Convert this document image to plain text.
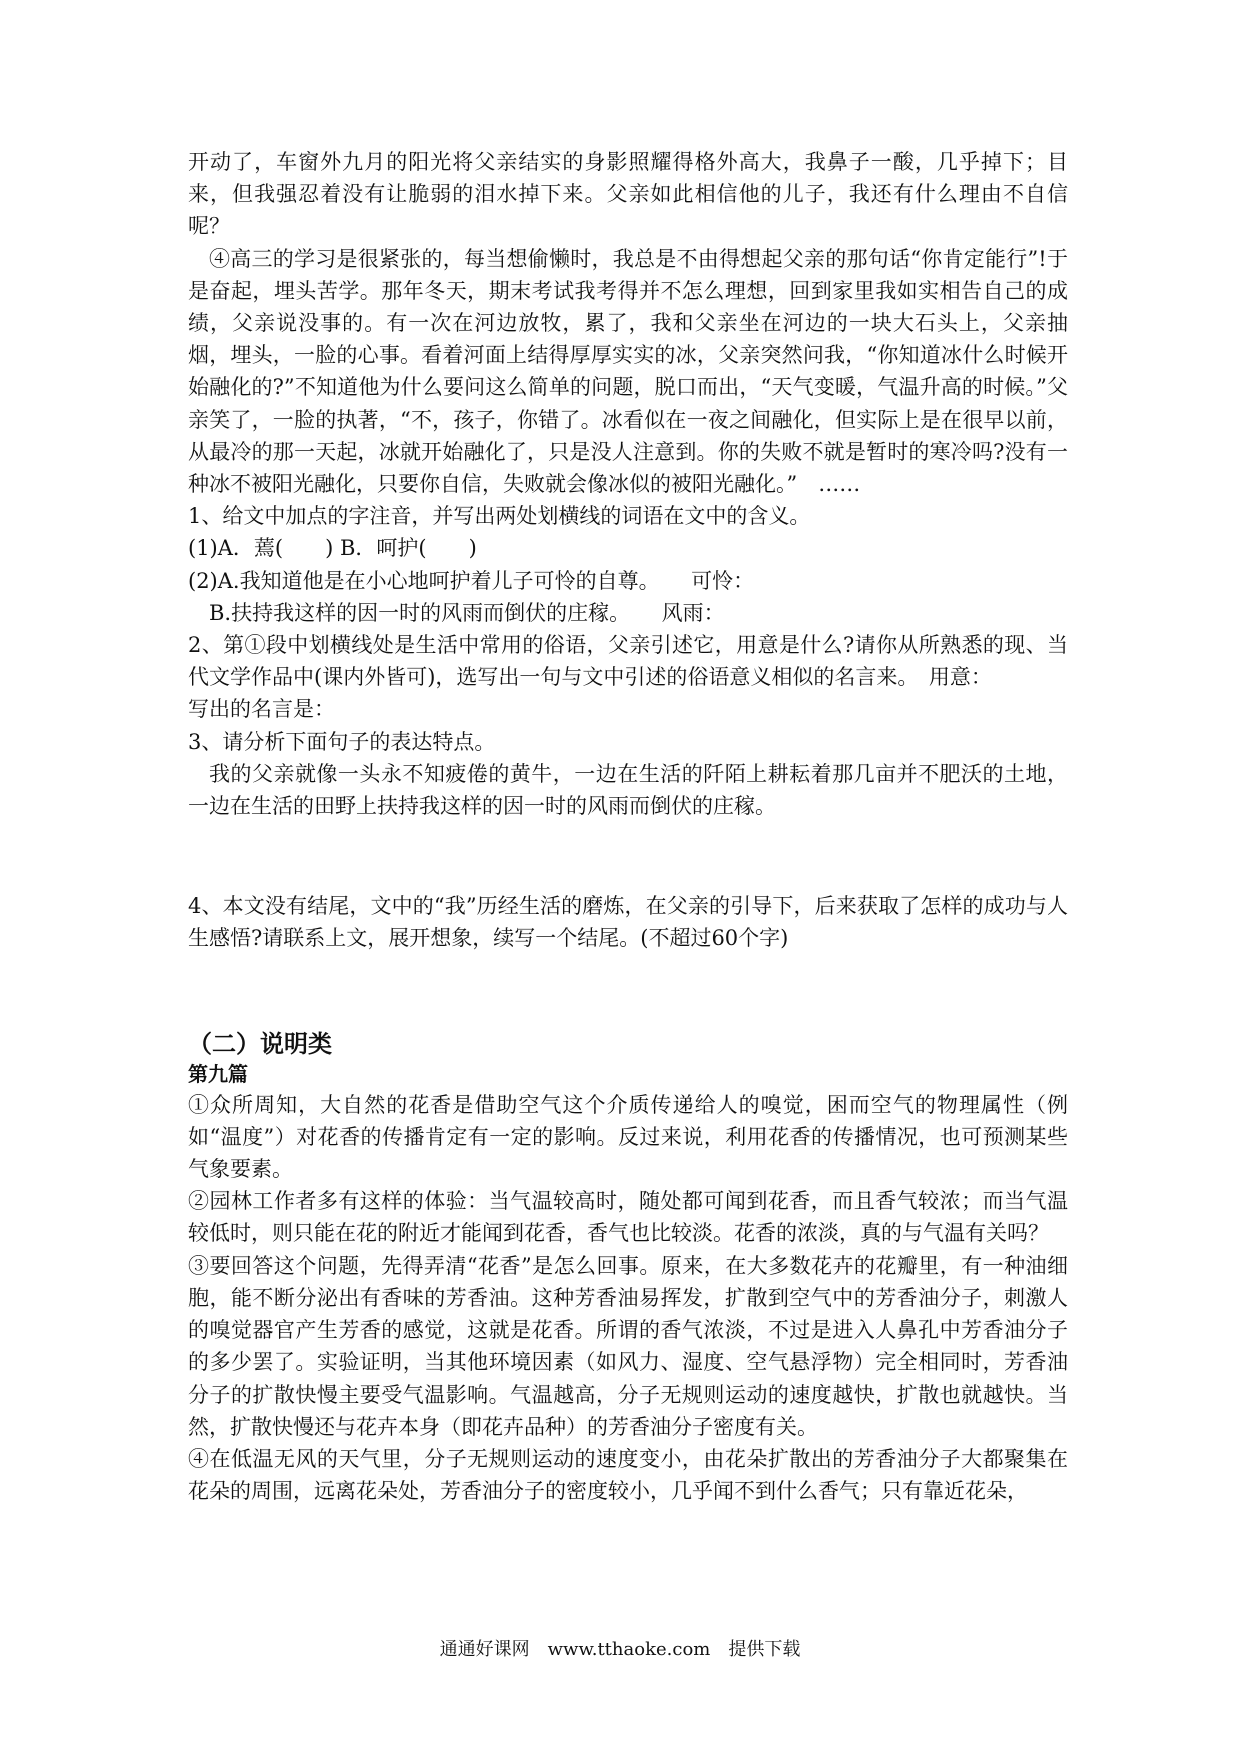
开动了，车窗外九月的阳光将父亲结实的身影照耀得格外高大，我鼻子一酸，几乎掉下；目来，但我强忍着没有让脆弱的泪水掉下来。父亲如此相信他的儿子，我还有什么理由不自信呢？

④高三的学习是很紧张的，每当想偷懒时，我总是不由得想起父亲的那句话“你肯定能行”!于是奋起，埋头苦学。那年冬天，期末考试我考得并不怎么理想，回到家里我如实相告自己的成绩，父亲说没事的。有一次在河边放牧，累了，我和父亲坐在河边的一块大石头上，父亲抽烟，埋头，一脸的心事。看着河面上结得厚厚实实的冰，父亲突然问我，“你知道冰什么时候开始融化的?”不知道他为什么要问这么简单的问题，脱口而出，“天气变暖，气温升高的时候。”父亲笑了，一脸的执著，“不，孩子，你错了。冰看似在一夜之间融化，但实际上是在很早以前，从最冷的那一天起，冰就开始融化了，只是没人注意到。你的失败不就是暂时的寒冷吗?没有一种冰不被阳光融化，只要你自信，失败就会像冰似的被阳光融化。”　……

1、给文中加点的字注音，并写出两处划横线的词语在文中的含义。

(1)A．蔫(　　) B．呵护(　　)

(2)A.我知道他是在小心地呵护着儿子可怜的自尊。　　可怜：

B.扶持我这样的因一时的风雨而倒伏的庄稼。　　风雨：

2、第①段中划横线处是生活中常用的俗语，父亲引述它，用意是什么?请你从所熟悉的现、当代文学作品中(课内外皆可)，选写出一句与文中引述的俗语意义相似的名言来。　用意：

写出的名言是：

3、请分析下面句子的表达特点。

我的父亲就像一头永不知疲倦的黄牛，一边在生活的阡陌上耕耘着那几亩并不肥沃的土地，一边在生活的田野上扶持我这样的因一时的风雨而倒伏的庄稼。

4、本文没有结尾，文中的“我”历经生活的磨炼，在父亲的引导下，后来获取了怎样的成功与人生感悟?请联系上文，展开想象，续写一个结尾。(不超过60个字)

（二）说明类
第九篇

①众所周知，大自然的花香是借助空气这个介质传递给人的嗅觉，困而空气的物理属性（例如“温度”）对花香的传播肯定有一定的影响。反过来说，利用花香的传播情况，也可预测某些气象要素。

②园林工作者多有这样的体验：当气温较高时，随处都可闻到花香，而且香气较浓；而当气温较低时，则只能在花的附近才能闻到花香，香气也比较淡。花香的浓淡，真的与气温有关吗？

③要回答这个问题，先得弄清“花香”是怎么回事。原来，在大多数花卉的花瓣里，有一种油细胞，能不断分泌出有香味的芳香油。这种芳香油易挥发，扩散到空气中的芳香油分子，刺激人的嗅觉器官产生芳香的感觉，这就是花香。所谓的香气浓淡，不过是进入人鼻孔中芳香油分子的多少罢了。实验证明，当其他环境因素（如风力、湿度、空气悬浮物）完全相同时，芳香油分子的扩散快慢主要受气温影响。气温越高，分子无规则运动的速度越快，扩散也就越快。当然，扩散快慢还与花卉本身（即花卉品种）的芳香油分子密度有关。

④在低温无风的天气里，分子无规则运动的速度变小，由花朵扩散出的芳香油分子大都聚集在花朵的周围，远离花朵处，芳香油分子的密度较小，几乎闻不到什么香气；只有靠近花朵，

通通好课网　www.tthaoke.com　提供下载
